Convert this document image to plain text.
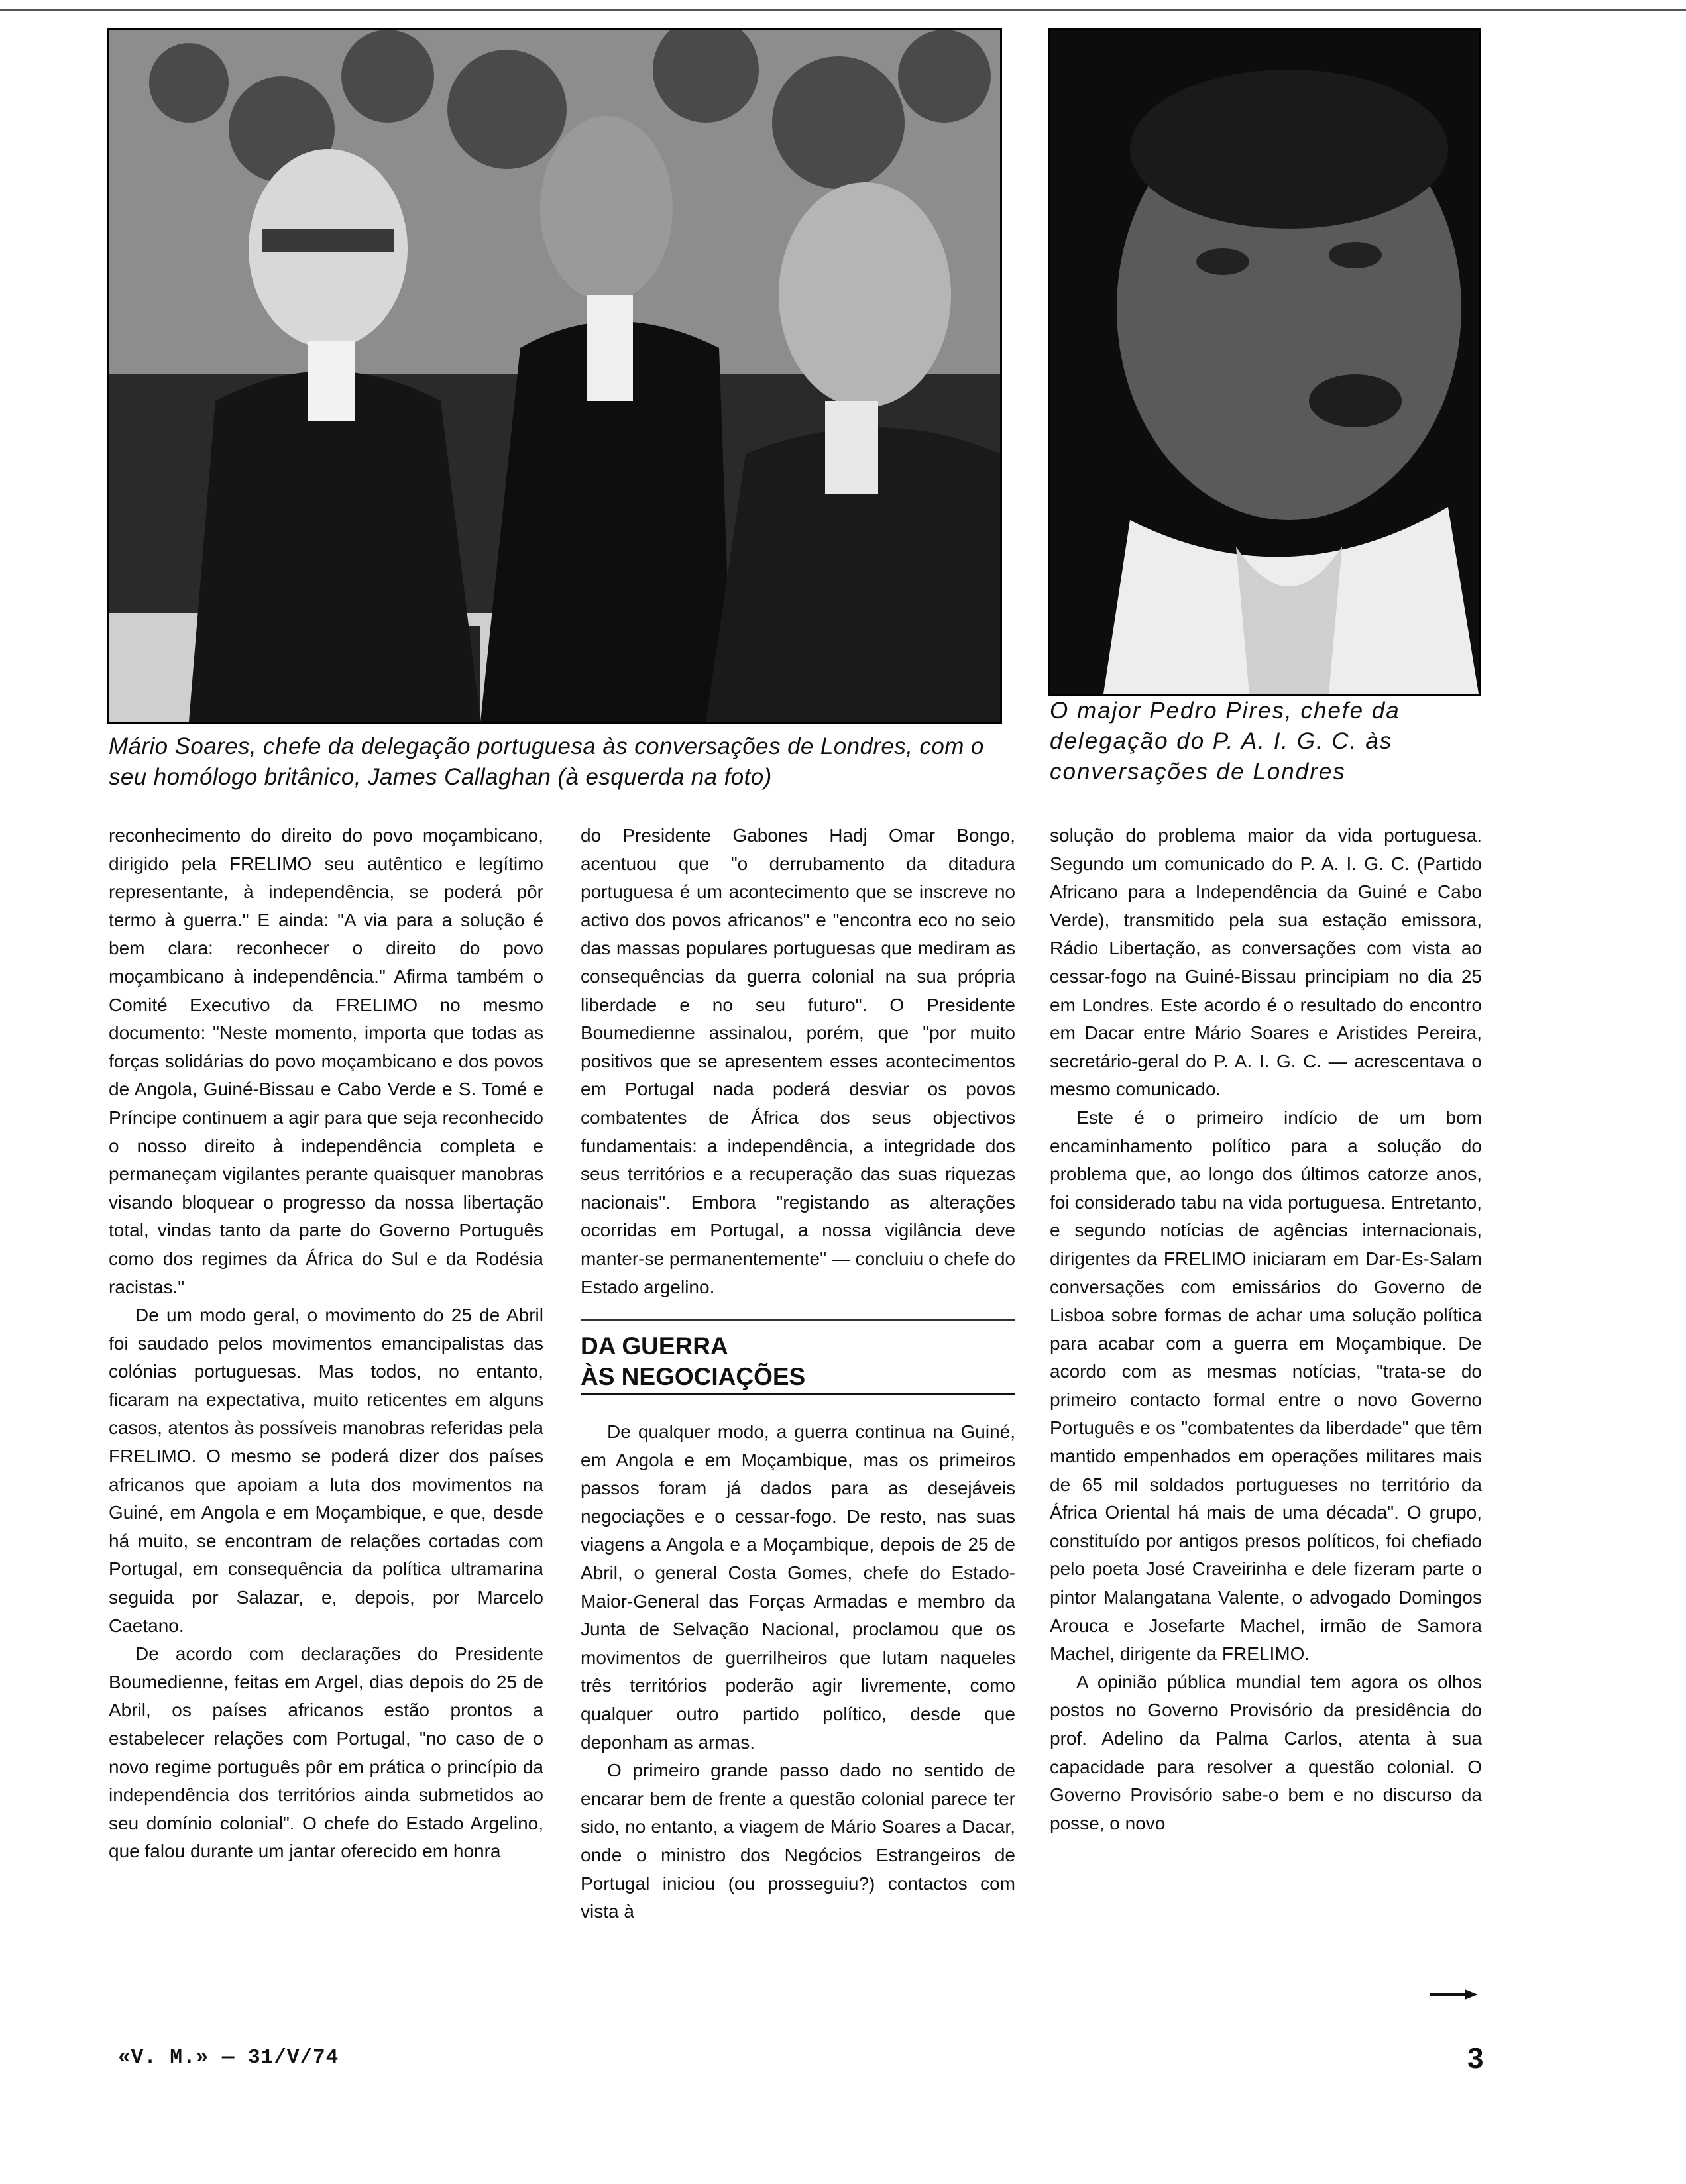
Mário Soares, chefe da delegação portuguesa às conversações de Londres, com o seu homólogo britânico, James Callaghan (à esquerda na foto)

O major Pedro Pires, chefe da delegação do P. A. I. G. C. às conversações de Londres

reconhecimento do direito do povo moçambicano, dirigido pela FRELIMO seu autêntico e legítimo representante, à independência, se poderá pôr termo à guerra." E ainda: "A via para a solução é bem clara: reconhecer o direito do povo moçambicano à independência." Afirma também o Comité Executivo da FRELIMO no mesmo documento: "Neste momento, importa que todas as forças solidárias do povo moçambicano e dos povos de Angola, Guiné-Bissau e Cabo Verde e S. Tomé e Príncipe continuem a agir para que seja reconhecido o nosso direito à independência completa e permaneçam vigilantes perante quaisquer manobras visando bloquear o progresso da nossa libertação total, vindas tanto da parte do Governo Português como dos regimes da África do Sul e da Rodésia racistas."

De um modo geral, o movimento do 25 de Abril foi saudado pelos movimentos emancipalistas das colónias portuguesas. Mas todos, no entanto, ficaram na expectativa, muito reticentes em alguns casos, atentos às possíveis manobras referidas pela FRELIMO. O mesmo se poderá dizer dos países africanos que apoiam a luta dos movimentos na Guiné, em Angola e em Moçambique, e que, desde há muito, se encontram de relações cortadas com Portugal, em consequência da política ultramarina seguida por Salazar, e, depois, por Marcelo Caetano.

De acordo com declarações do Presidente Boumedienne, feitas em Argel, dias depois do 25 de Abril, os países africanos estão prontos a estabelecer relações com Portugal, "no caso de o novo regime português pôr em prática o princípio da independência dos territórios ainda submetidos ao seu domínio colonial". O chefe do Estado Argelino, que falou durante um jantar oferecido em honra

do Presidente Gabones Hadj Omar Bongo, acentuou que "o derrubamento da ditadura portuguesa é um acontecimento que se inscreve no activo dos povos africanos" e "encontra eco no seio das massas populares portuguesas que mediram as consequências da guerra colonial na sua própria liberdade e no seu futuro". O Presidente Boumedienne assinalou, porém, que "por muito positivos que se apresentem esses acontecimentos em Portugal nada poderá desviar os povos combatentes de África dos seus objectivos fundamentais: a independência, a integridade dos seus territórios e a recuperação das suas riquezas nacionais". Embora "registando as alterações ocorridas em Portugal, a nossa vigilância deve manter-se permanentemente" — concluiu o chefe do Estado argelino.

DA GUERRA
ÀS NEGOCIAÇÕES

De qualquer modo, a guerra continua na Guiné, em Angola e em Moçambique, mas os primeiros passos foram já dados para as desejáveis negociações e o cessar-fogo. De resto, nas suas viagens a Angola e a Moçambique, depois de 25 de Abril, o general Costa Gomes, chefe do Estado-Maior-General das Forças Armadas e membro da Junta de Selvação Nacional, proclamou que os movimentos de guerrilheiros que lutam naqueles três territórios poderão agir livremente, como qualquer outro partido político, desde que deponham as armas.

O primeiro grande passo dado no sentido de encarar bem de frente a questão colonial parece ter sido, no entanto, a viagem de Mário Soares a Dacar, onde o ministro dos Negócios Estrangeiros de Portugal iniciou (ou prosseguiu?) contactos com vista à

solução do problema maior da vida portuguesa. Segundo um comunicado do P. A. I. G. C. (Partido Africano para a Independência da Guiné e Cabo Verde), transmitido pela sua estação emissora, Rádio Libertação, as conversações com vista ao cessar-fogo na Guiné-Bissau principiam no dia 25 em Londres. Este acordo é o resultado do encontro em Dacar entre Mário Soares e Aristides Pereira, secretário-geral do P. A. I. G. C. — acrescentava o mesmo comunicado.

Este é o primeiro indício de um bom encaminhamento político para a solução do problema que, ao longo dos últimos catorze anos, foi considerado tabu na vida portuguesa. Entretanto, e segundo notícias de agências internacionais, dirigentes da FRELIMO iniciaram em Dar-Es-Salam conversações com emissários do Governo de Lisboa sobre formas de achar uma solução política para acabar com a guerra em Moçambique. De acordo com as mesmas notícias, "trata-se do primeiro contacto formal entre o novo Governo Português e os "combatentes da liberdade" que têm mantido empenhados em operações militares mais de 65 mil soldados portugueses no território da África Oriental há mais de uma década". O grupo, constituído por antigos presos políticos, foi chefiado pelo poeta José Craveirinha e dele fizeram parte o pintor Malangatana Valente, o advogado Domingos Arouca e Josefarte Machel, irmão de Samora Machel, dirigente da FRELIMO.

A opinião pública mundial tem agora os olhos postos no Governo Provisório da presidência do prof. Adelino da Palma Carlos, atenta à sua capacidade para resolver a questão colonial. O Governo Provisório sabe-o bem e no discurso da posse, o novo

«V. M.» — 31/V/74	3
